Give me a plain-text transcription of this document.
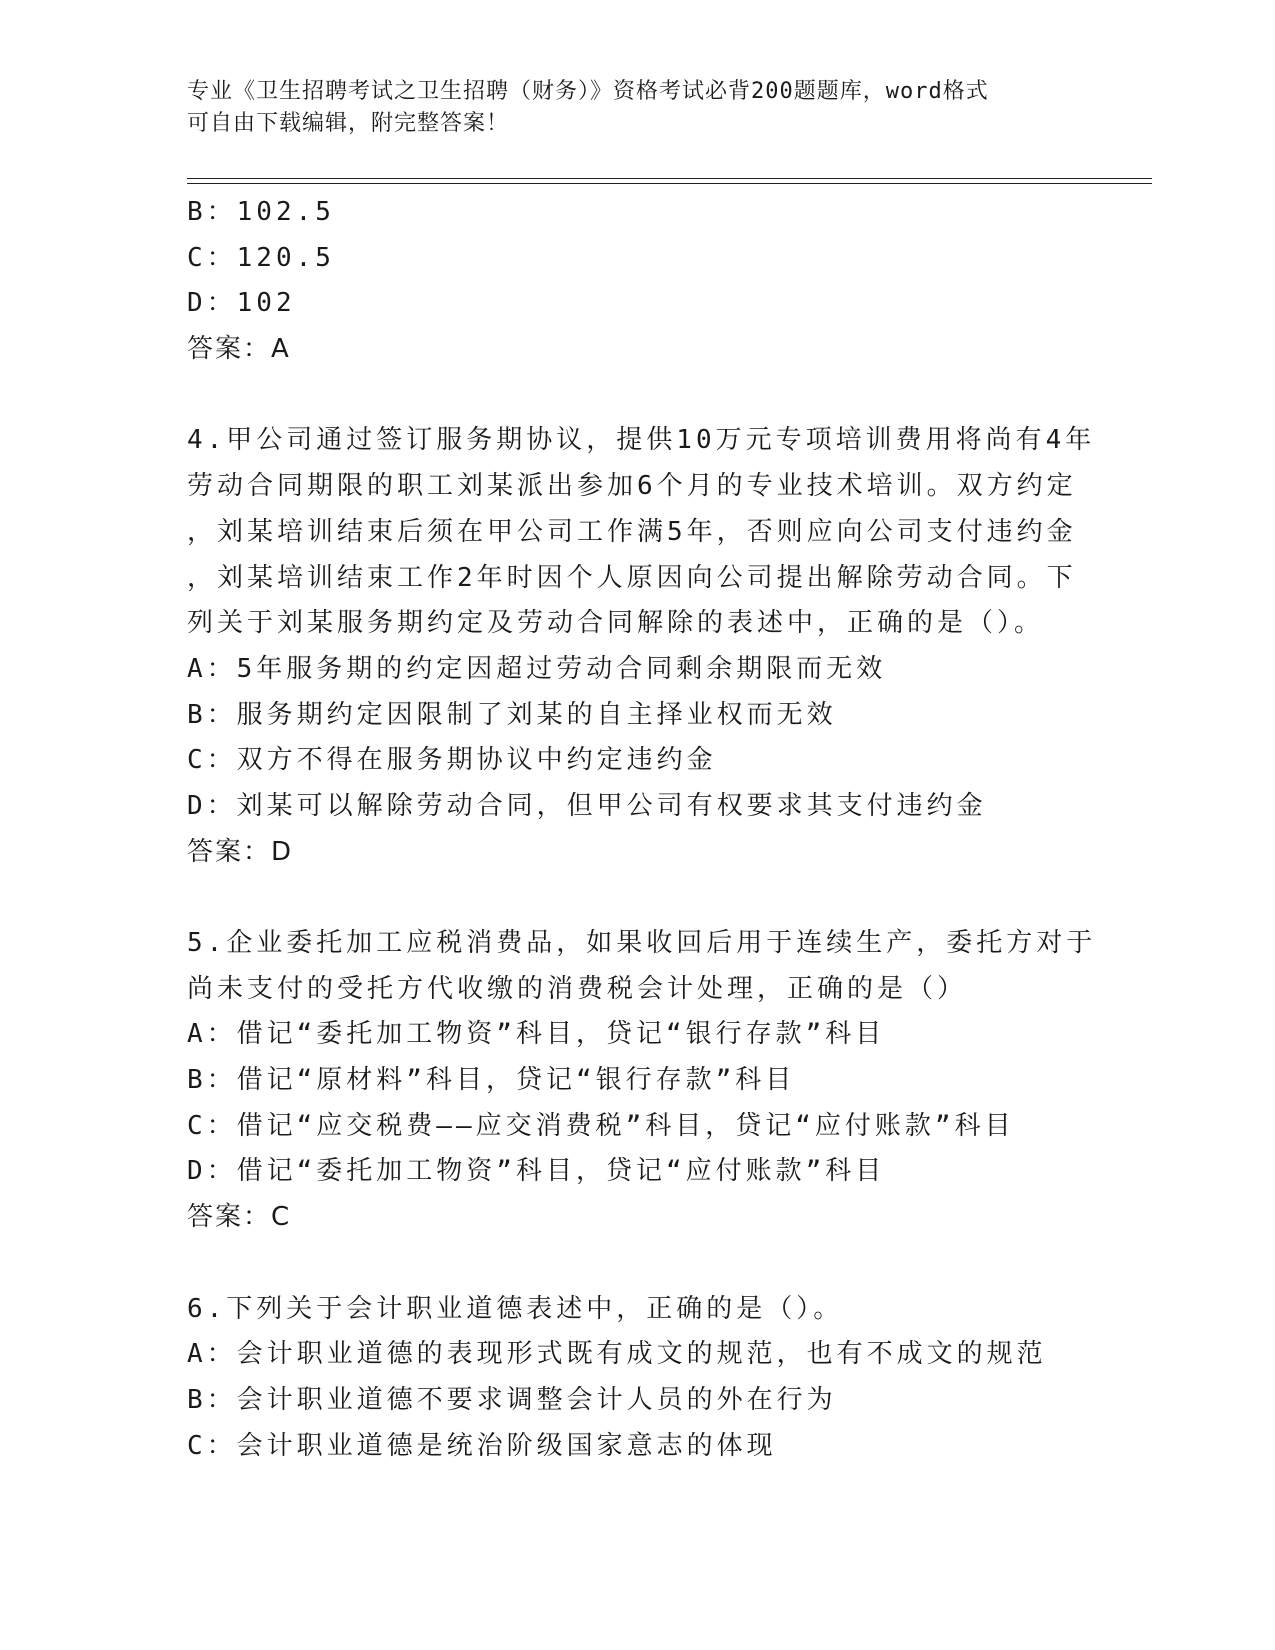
专业《卫生招聘考试之卫生招聘（财务）》资格考试必背200题题库，word格式
可自由下载编辑，附完整答案！
B：102.5
C：120.5
D：102
答案：A
4.甲公司通过签订服务期协议，提供10万元专项培训费用将尚有4年
劳动合同期限的职工刘某派出参加6个月的专业技术培训。双方约定
，刘某培训结束后须在甲公司工作满5年，否则应向公司支付违约金
，刘某培训结束工作2年时因个人原因向公司提出解除劳动合同。下
列关于刘某服务期约定及劳动合同解除的表述中，正确的是（）。
A：5年服务期的约定因超过劳动合同剩余期限而无效
B：服务期约定因限制了刘某的自主择业权而无效
C：双方不得在服务期协议中约定违约金
D：刘某可以解除劳动合同，但甲公司有权要求其支付违约金
答案：D
5.企业委托加工应税消费品，如果收回后用于连续生产，委托方对于
尚未支付的受托方代收缴的消费税会计处理，正确的是（）
A：借记“委托加工物资”科目，贷记“银行存款”科目
B：借记“原材料”科目，贷记“银行存款”科目
C：借记“应交税费——应交消费税”科目，贷记“应付账款”科目
D：借记“委托加工物资”科目，贷记“应付账款”科目
答案：C
6.下列关于会计职业道德表述中，正确的是（）。
A：会计职业道德的表现形式既有成文的规范，也有不成文的规范
B：会计职业道德不要求调整会计人员的外在行为
C：会计职业道德是统治阶级国家意志的体现
